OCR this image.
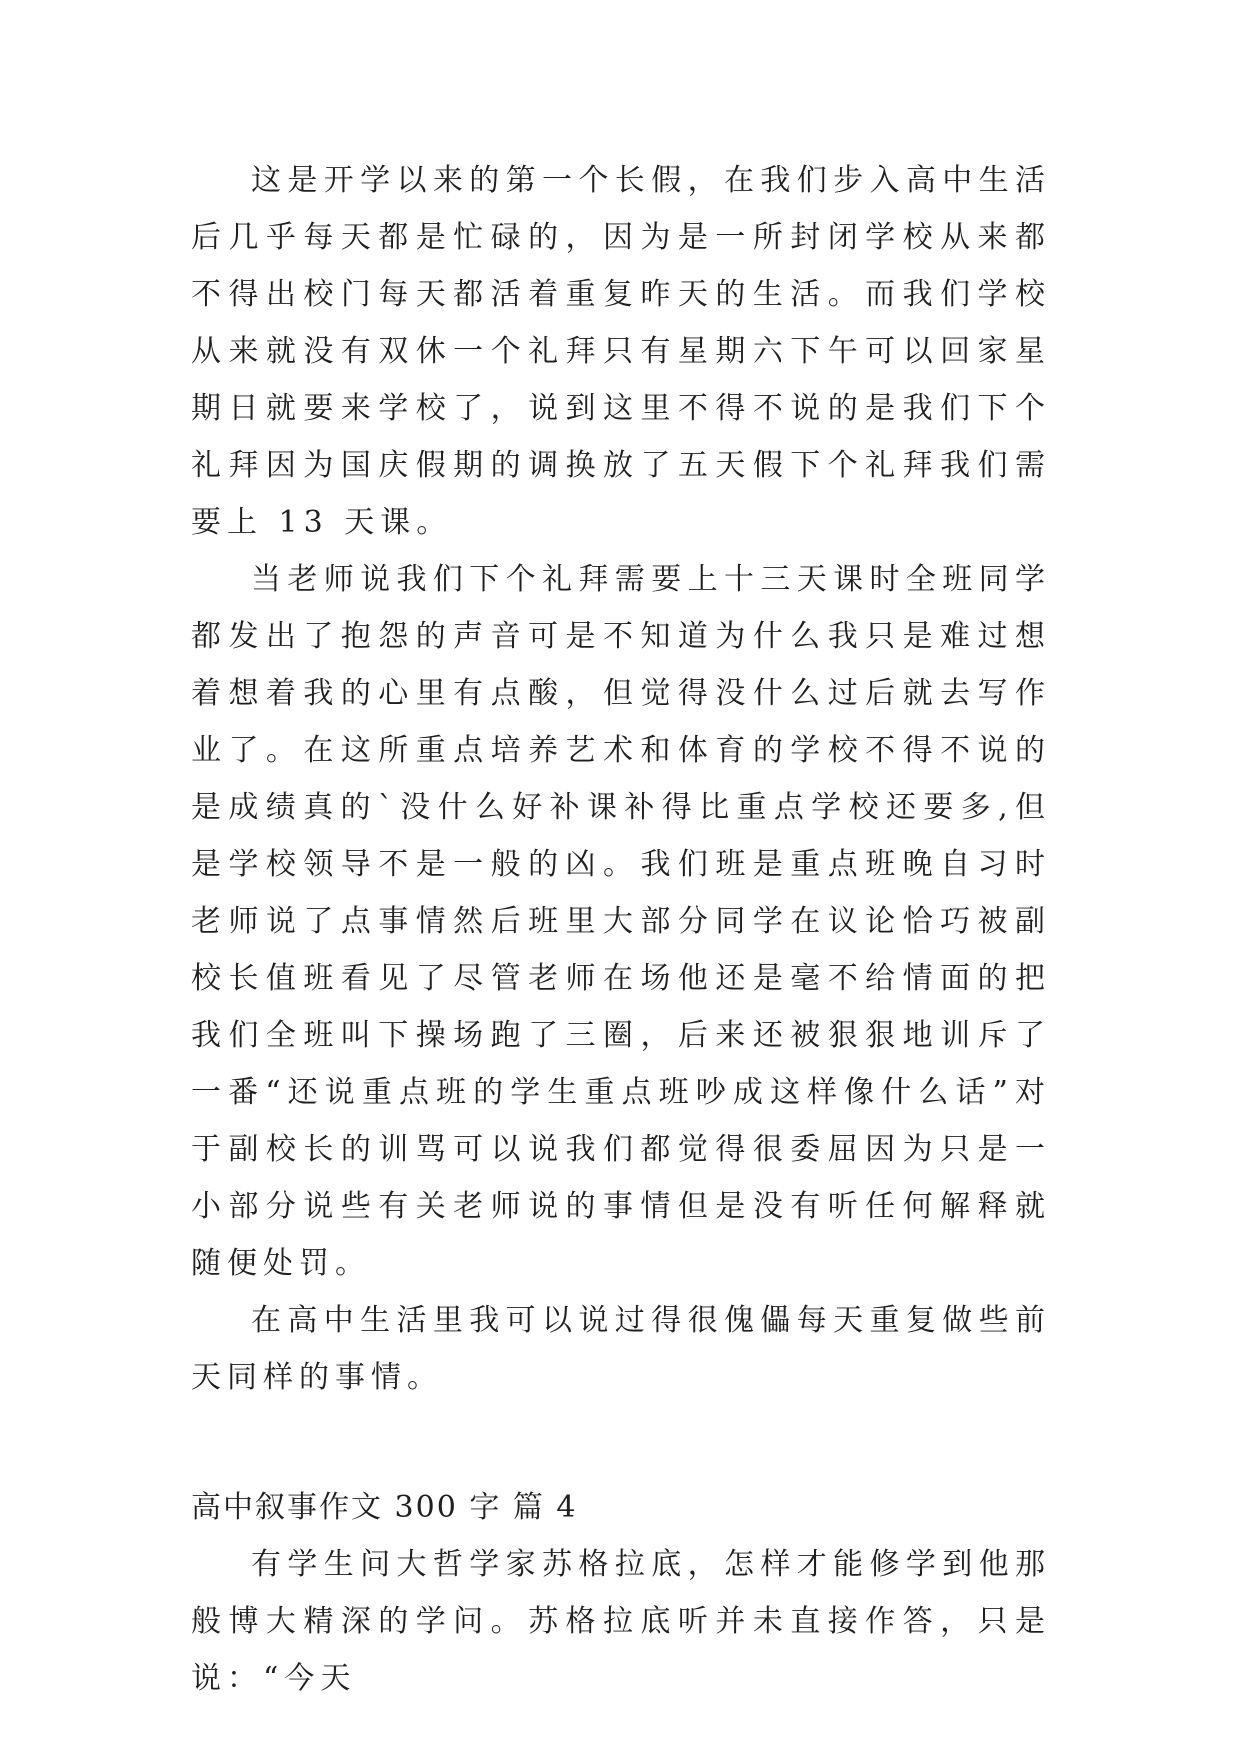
这是开学以来的第一个长假，在我们步入高中生活后几乎每天都是忙碌的，因为是一所封闭学校从来都不得出校门每天都活着重复昨天的生活。而我们学校从来就没有双休一个礼拜只有星期六下午可以回家星期日就要来学校了，说到这里不得不说的是我们下个礼拜因为国庆假期的调换放了五天假下个礼拜我们需要上 13 天课。

当老师说我们下个礼拜需要上十三天课时全班同学都发出了抱怨的声音可是不知道为什么我只是难过想着想着我的心里有点酸，但觉得没什么过后就去写作业了。在这所重点培养艺术和体育的学校不得不说的是成绩真的`没什么好补课补得比重点学校还要多,但是学校领导不是一般的凶。我们班是重点班晚自习时老师说了点事情然后班里大部分同学在议论恰巧被副校长值班看见了尽管老师在场他还是毫不给情面的把我们全班叫下操场跑了三圈，后来还被狠狠地训斥了一番“还说重点班的学生重点班吵成这样像什么话”对于副校长的训骂可以说我们都觉得很委屈因为只是一小部分说些有关老师说的事情但是没有听任何解释就随便处罚。

在高中生活里我可以说过得很傀儡每天重复做些前天同样的事情。

高中叙事作文 300 字 篇 4

有学生问大哲学家苏格拉底，怎样才能修学到他那般博大精深的学问。苏格拉底听并未直接作答，只是说：“今天
